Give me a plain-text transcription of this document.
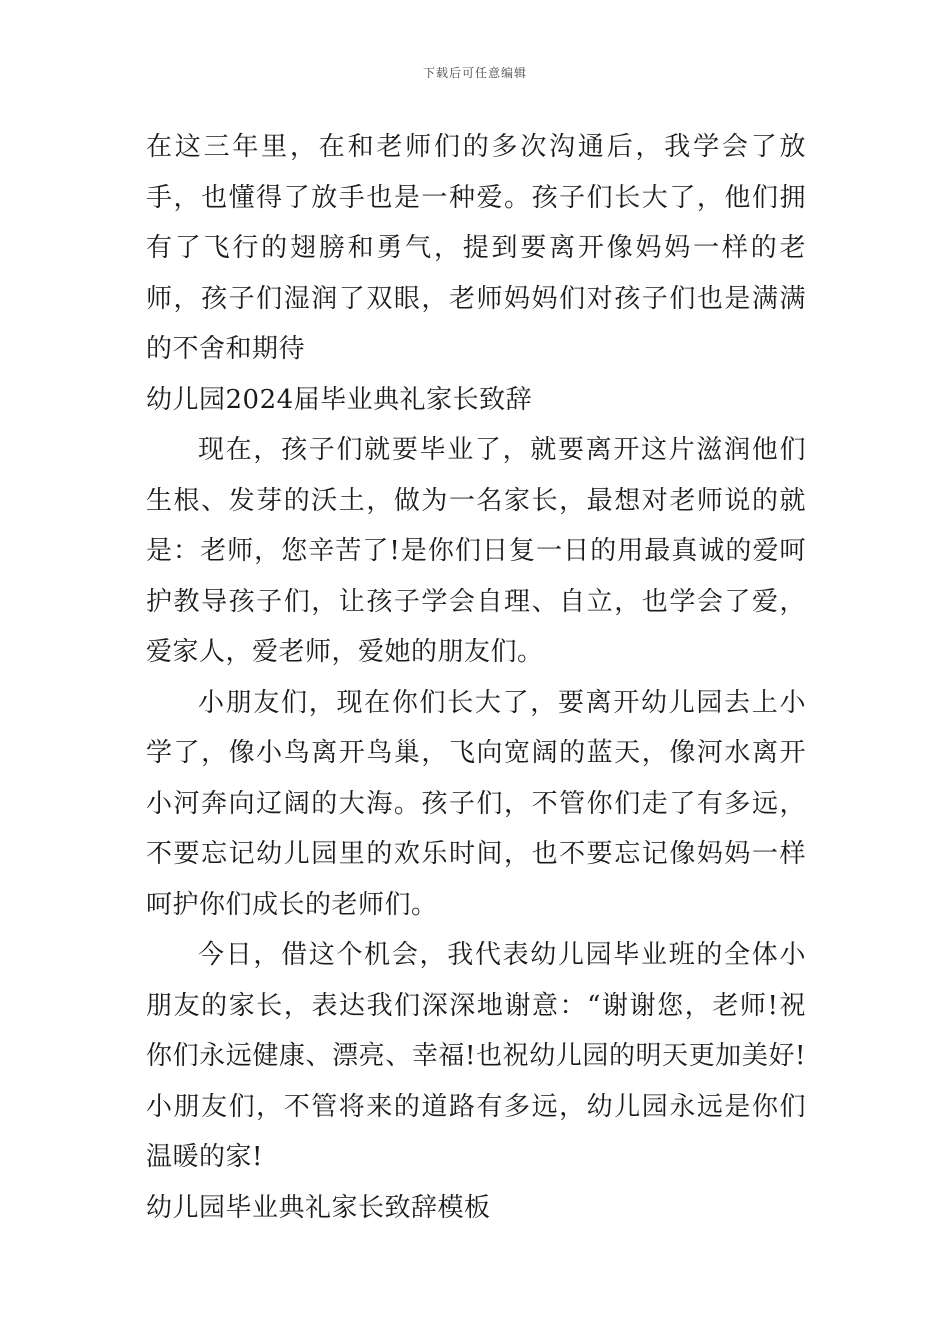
下载后可任意编辑

在这三年里，在和老师们的多次沟通后，我学会了放手，也懂得了放手也是一种爱。孩子们长大了，他们拥有了飞行的翅膀和勇气，提到要离开像妈妈一样的老师，孩子们湿润了双眼，老师妈妈们对孩子们也是满满的不舍和期待

幼儿园2024届毕业典礼家长致辞

现在，孩子们就要毕业了，就要离开这片滋润他们生根、发芽的沃土，做为一名家长，最想对老师说的就是：老师，您辛苦了!是你们日复一日的用最真诚的爱呵护教导孩子们，让孩子学会自理、自立，也学会了爱，爱家人，爱老师，爱她的朋友们。

小朋友们，现在你们长大了，要离开幼儿园去上小学了，像小鸟离开鸟巢，飞向宽阔的蓝天，像河水离开小河奔向辽阔的大海。孩子们，不管你们走了有多远，不要忘记幼儿园里的欢乐时间，也不要忘记像妈妈一样呵护你们成长的老师们。

今日，借这个机会，我代表幼儿园毕业班的全体小朋友的家长，表达我们深深地谢意：“谢谢您，老师!祝你们永远健康、漂亮、幸福!也祝幼儿园的明天更加美好!小朋友们，不管将来的道路有多远，幼儿园永远是你们温暖的家!

幼儿园毕业典礼家长致辞模板
